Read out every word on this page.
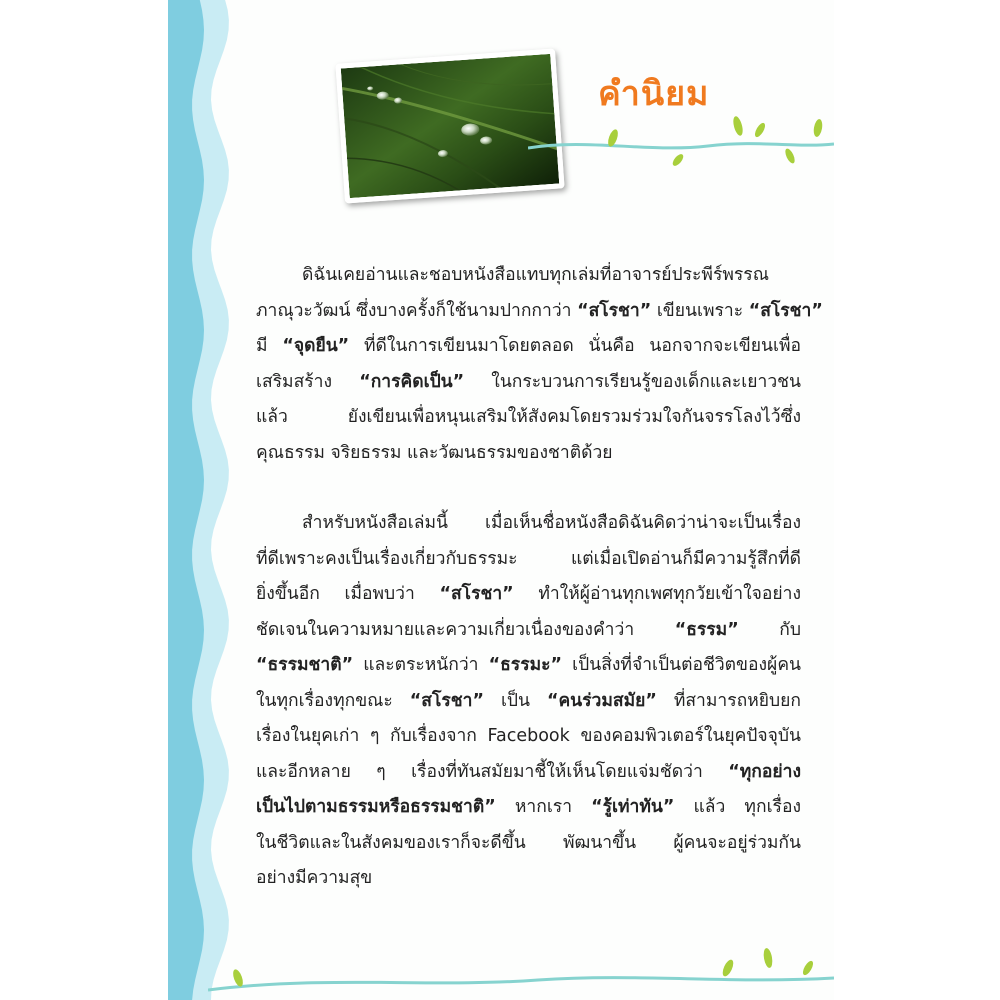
คำนิยม

ดิฉันเคยอ่านและชอบหนังสือแทบทุกเล่มที่อาจารย์ประพีร์พรรณ
ภาณุวะวัฒน์ ซึ่งบางครั้งก็ใช้นามปากกาว่า “สโรชา” เขียนเพราะ “สโรชา”
มี “จุดยืน” ที่ดีในการเขียนมาโดยตลอด นั่นคือ นอกจากจะเขียนเพื่อ
เสริมสร้าง “การคิดเป็น” ในกระบวนการเรียนรู้ของเด็กและเยาวชน
แล้ว ยังเขียนเพื่อหนุนเสริมให้สังคมโดยรวมร่วมใจกันจรรโลงไว้ซึ่ง
คุณธรรม จริยธรรม และวัฒนธรรมของชาติด้วย

สำหรับหนังสือเล่มนี้ เมื่อเห็นชื่อหนังสือดิฉันคิดว่าน่าจะเป็นเรื่อง
ที่ดีเพราะคงเป็นเรื่องเกี่ยวกับธรรมะ แต่เมื่อเปิดอ่านก็มีความรู้สึกที่ดี
ยิ่งขึ้นอีก เมื่อพบว่า “สโรชา” ทำให้ผู้อ่านทุกเพศทุกวัยเข้าใจอย่าง
ชัดเจนในความหมายและความเกี่ยวเนื่องของคำว่า “ธรรม” กับ
“ธรรมชาติ” และตระหนักว่า “ธรรมะ” เป็นสิ่งที่จำเป็นต่อชีวิตของผู้คน
ในทุกเรื่องทุกขณะ “สโรชา” เป็น “คนร่วมสมัย” ที่สามารถหยิบยก
เรื่องในยุคเก่า ๆ กับเรื่องจาก Facebook ของคอมพิวเตอร์ในยุคปัจจุบัน
และอีกหลาย ๆ เรื่องที่ทันสมัยมาชี้ให้เห็นโดยแจ่มชัดว่า “ทุกอย่าง
เป็นไปตามธรรมหรือธรรมชาติ” หากเรา “รู้เท่าทัน” แล้ว ทุกเรื่อง
ในชีวิตและในสังคมของเราก็จะดีขึ้น พัฒนาขึ้น ผู้คนจะอยู่ร่วมกัน
อย่างมีความสุข
